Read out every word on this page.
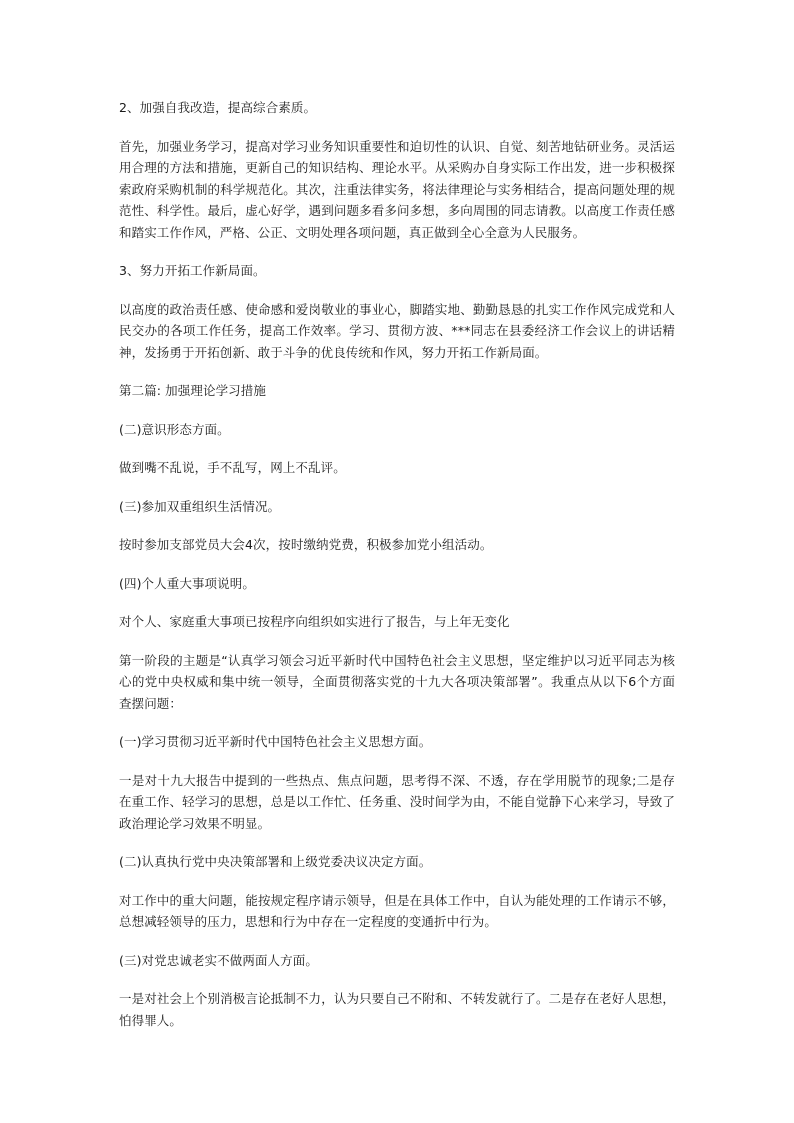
2、加强自我改造，提高综合素质。

首先，加强业务学习，提高对学习业务知识重要性和迫切性的认识、自觉、刻苦地钻研业务。灵活运用合理的方法和措施，更新自己的知识结构、理论水平。从采购办自身实际工作出发，进一步积极探索政府采购机制的科学规范化。其次，注重法律实务，将法律理论与实务相结合，提高问题处理的规范性、科学性。最后，虚心好学，遇到问题多看多问多想，多向周围的同志请教。以高度工作责任感和踏实工作作风，严格、公正、文明处理各项问题，真正做到全心全意为人民服务。

3、努力开拓工作新局面。

以高度的政治责任感、使命感和爱岗敬业的事业心，脚踏实地、勤勤恳恳的扎实工作作风完成党和人民交办的各项工作任务，提高工作效率。学习、贯彻方波、***同志在县委经济工作会议上的讲话精神，发扬勇于开拓创新、敢于斗争的优良传统和作风，努力开拓工作新局面。

第二篇: 加强理论学习措施

(二)意识形态方面。

做到嘴不乱说，手不乱写，网上不乱评。

(三)参加双重组织生活情况。

按时参加支部党员大会4次，按时缴纳党费，积极参加党小组活动。

(四)个人重大事项说明。

对个人、家庭重大事项已按程序向组织如实进行了报告，与上年无变化

第一阶段的主题是“认真学习领会习近平新时代中国特色社会主义思想，坚定维护以习近平同志为核心的党中央权威和集中统一领导，全面贯彻落实党的十九大各项决策部署”。我重点从以下6个方面查摆问题：

(一)学习贯彻习近平新时代中国特色社会主义思想方面。

一是对十九大报告中提到的一些热点、焦点问题，思考得不深、不透，存在学用脱节的现象;二是存在重工作、轻学习的思想，总是以工作忙、任务重、没时间学为由，不能自觉静下心来学习，导致了政治理论学习效果不明显。

(二)认真执行党中央决策部署和上级党委决议决定方面。

对工作中的重大问题，能按规定程序请示领导，但是在具体工作中，自认为能处理的工作请示不够，总想减轻领导的压力，思想和行为中存在一定程度的变通折中行为。

(三)对党忠诚老实不做两面人方面。

一是对社会上个别消极言论抵制不力，认为只要自己不附和、不转发就行了。二是存在老好人思想，怕得罪人。
